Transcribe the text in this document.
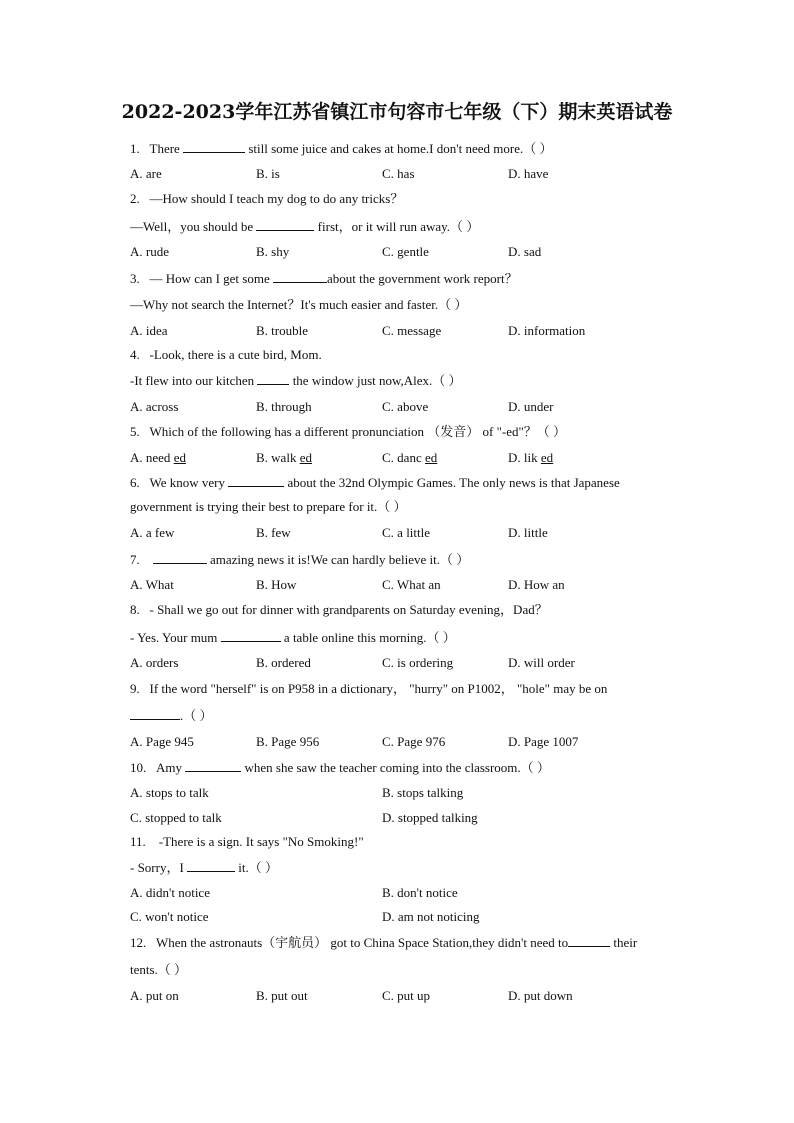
2022-2023学年江苏省镇江市句容市七年级（下）期末英语试卷
1. There	still some juice and cakes at home.I don't need more.（ ）
A. are	B. is	C. has	D. have
2. —How should I teach my dog to do any tricks？
—Well，you should be	first，or it will run away.（ ）
A. rude	B. shy	C. gentle	D. sad
3. — How can I get some	about the government work report？
—Why not search the Internet？It's much easier and faster.（ ）
A. idea	B. trouble	C. message	D. information
4. -Look, there is a cute bird, Mom.
-It flew into our kitchen	the window just now,Alex.（ ）
A. across	B. through	C. above	D. under
5. Which of the following has a different pronunciation （发音） of "-ed"？（ ）
A. need ed	B. walk ed	C. danc ed	D. lik ed
6. We know very	about the 32nd Olympic Games. The only news is that Japanese
government is trying their best to prepare for it.（ ）
A. a few	B. few	C. a little	D. little
7.	amazing news it is!We can hardly believe it.（ ）
A. What	B. How	C. What an	D. How an
8. - Shall we go out for dinner with grandparents on Saturday evening，Dad？
- Yes. Your mum	a table online this morning.（ ）
A. orders	B. ordered	C. is ordering	D. will order
9. If the word "herself" is on P958 in a dictionary， "hurry" on P1002， "hole" may be on
.（ ）
A. Page 945	B. Page 956	C. Page 976	D. Page 1007
10. Amy	when she saw the teacher coming into the classroom.（ ）
A. stops to talk	B. stops talking
C. stopped to talk	D. stopped talking
11. -There is a sign. It says "No Smoking!"
- Sorry，I	it.（ ）
A. didn't notice	B. don't notice
C. won't notice	D. am not noticing
12. When the astronauts（宇航员） got to China Space Station,they didn't need to	their
tents.（ ）
A. put on	B. put out	C. put up	D. put down
